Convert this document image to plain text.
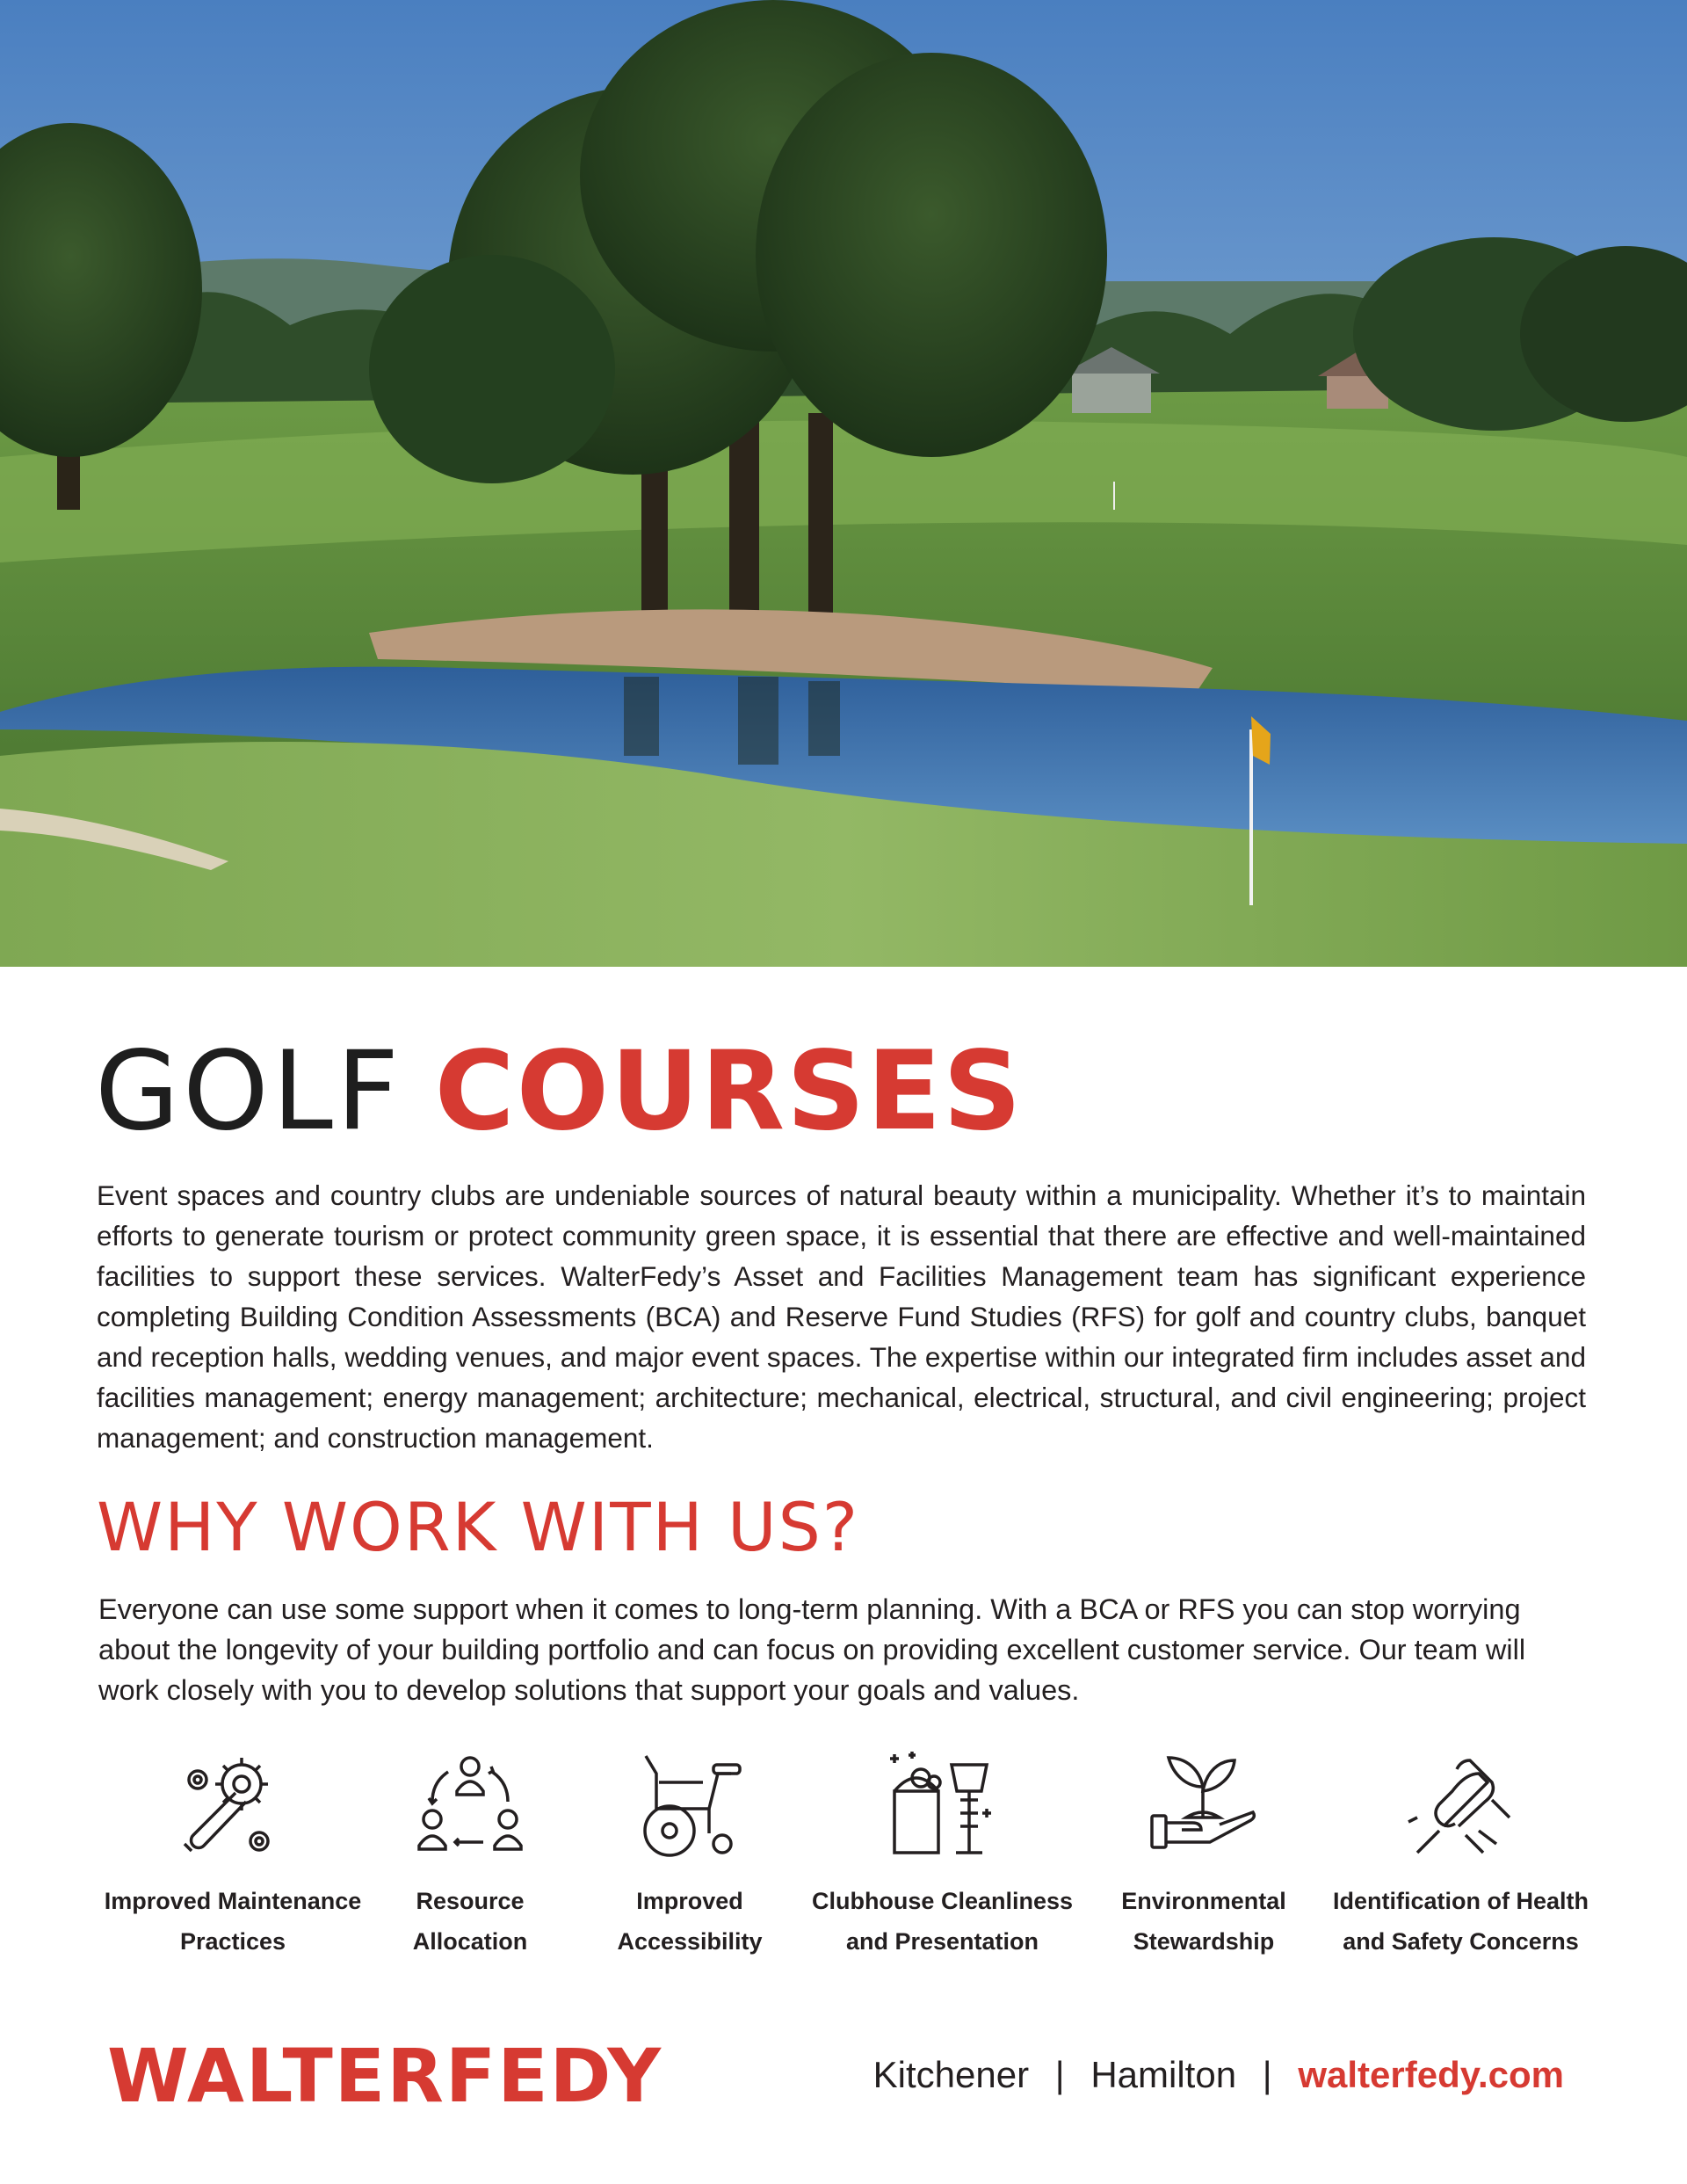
GOLF COURSES

Event spaces and country clubs are undeniable sources of natural beauty within a municipality. Whether it’s to maintain efforts to generate tourism or protect community green space, it is essential that there are effective and well-maintained facilities to support these services. WalterFedy’s Asset and Facilities Management team has significant experience completing Building Condition Assessments (BCA) and Reserve Fund Studies (RFS) for golf and country clubs, banquet and reception halls, wedding venues, and major event spaces. The expertise within our integrated firm includes asset and facilities management; energy management; architecture; mechanical, electrical, structural, and civil engineering; project management; and construction management.

WHY WORK WITH US?

Everyone can use some support when it comes to long-term planning. With a BCA or RFS you can stop worrying about the longevity of your building portfolio and can focus on providing excellent customer service. Our team will work closely with you to develop solutions that support your goals and values.

Improved Maintenance
Practices
Resource
Allocation
Improved
Accessibility
Clubhouse Cleanliness
and Presentation
Environmental
Stewardship
Identification of Health
and Safety Concerns
WALTERFEDY	Kitchener | Hamilton | walterfedy.com
